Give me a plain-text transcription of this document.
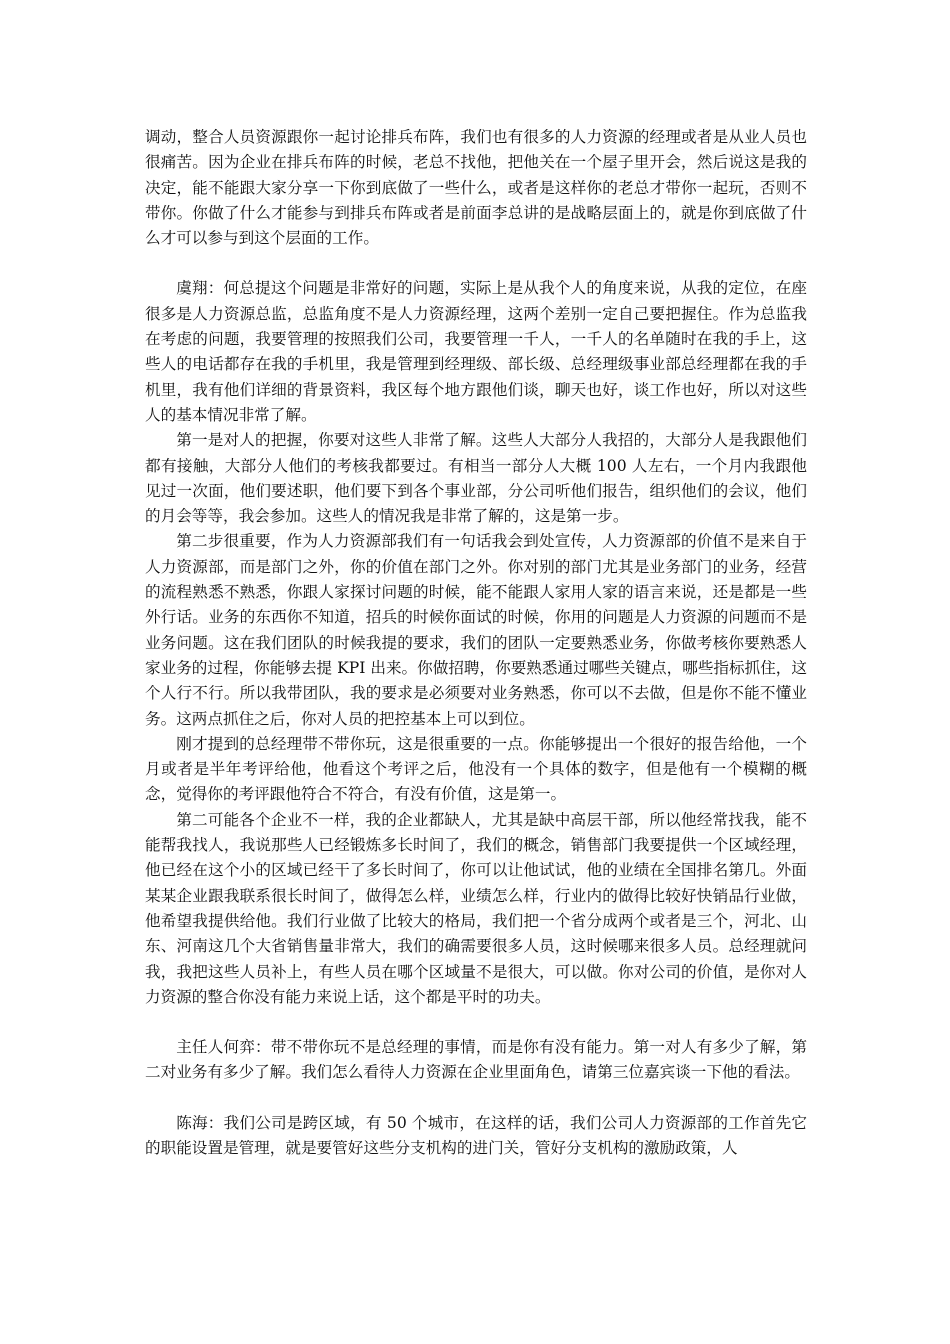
调动，整合人员资源跟你一起讨论排兵布阵，我们也有很多的人力资源的经理或者是从业人员也很痛苦。因为企业在排兵布阵的时候，老总不找他，把他关在一个屋子里开会，然后说这是我的决定，能不能跟大家分享一下你到底做了一些什么，或者是这样你的老总才带你一起玩，否则不带你。你做了什么才能参与到排兵布阵或者是前面李总讲的是战略层面上的，就是你到底做了什么才可以参与到这个层面的工作。

虞翔：何总提这个问题是非常好的问题，实际上是从我个人的角度来说，从我的定位，在座很多是人力资源总监，总监角度不是人力资源经理，这两个差别一定自己要把握住。作为总监我在考虑的问题，我要管理的按照我们公司，我要管理一千人，一千人的名单随时在我的手上，这些人的电话都存在我的手机里，我是管理到经理级、部长级、总经理级事业部总经理都在我的手机里，我有他们详细的背景资料，我区每个地方跟他们谈，聊天也好，谈工作也好，所以对这些人的基本情况非常了解。

第一是对人的把握，你要对这些人非常了解。这些人大部分人我招的，大部分人是我跟他们都有接触，大部分人他们的考核我都要过。有相当一部分人大概 100 人左右，一个月内我跟他见过一次面，他们要述职，他们要下到各个事业部，分公司听他们报告，组织他们的会议，他们的月会等等，我会参加。这些人的情况我是非常了解的，这是第一步。

第二步很重要，作为人力资源部我们有一句话我会到处宣传，人力资源部的价值不是来自于人力资源部，而是部门之外，你的价值在部门之外。你对别的部门尤其是业务部门的业务，经营的流程熟悉不熟悉，你跟人家探讨问题的时候，能不能跟人家用人家的语言来说，还是都是一些外行话。业务的东西你不知道，招兵的时候你面试的时候，你用的问题是人力资源的问题而不是业务问题。这在我们团队的时候我提的要求，我们的团队一定要熟悉业务，你做考核你要熟悉人家业务的过程，你能够去提 KPI 出来。你做招聘，你要熟悉通过哪些关键点，哪些指标抓住，这个人行不行。所以我带团队，我的要求是必须要对业务熟悉，你可以不去做，但是你不能不懂业务。这两点抓住之后，你对人员的把控基本上可以到位。

刚才提到的总经理带不带你玩，这是很重要的一点。你能够提出一个很好的报告给他，一个月或者是半年考评给他，他看这个考评之后，他没有一个具体的数字，但是他有一个模糊的概念，觉得你的考评跟他符合不符合，有没有价值，这是第一。

第二可能各个企业不一样，我的企业都缺人，尤其是缺中高层干部，所以他经常找我，能不能帮我找人，我说那些人已经锻炼多长时间了，我们的概念，销售部门我要提供一个区域经理，他已经在这个小的区域已经干了多长时间了，你可以让他试试，他的业绩在全国排名第几。外面某某企业跟我联系很长时间了，做得怎么样，业绩怎么样，行业内的做得比较好快销品行业做，他希望我提供给他。我们行业做了比较大的格局，我们把一个省分成两个或者是三个，河北、山东、河南这几个大省销售量非常大，我们的确需要很多人员，这时候哪来很多人员。总经理就问我，我把这些人员补上，有些人员在哪个区域量不是很大，可以做。你对公司的价值，是你对人力资源的整合你没有能力来说上话，这个都是平时的功夫。

主任人何弈：带不带你玩不是总经理的事情，而是你有没有能力。第一对人有多少了解，第二对业务有多少了解。我们怎么看待人力资源在企业里面角色，请第三位嘉宾谈一下他的看法。

陈海：我们公司是跨区域，有 50 个城市，在这样的话，我们公司人力资源部的工作首先它的职能设置是管理，就是要管好这些分支机构的进门关，管好分支机构的激励政策，人
